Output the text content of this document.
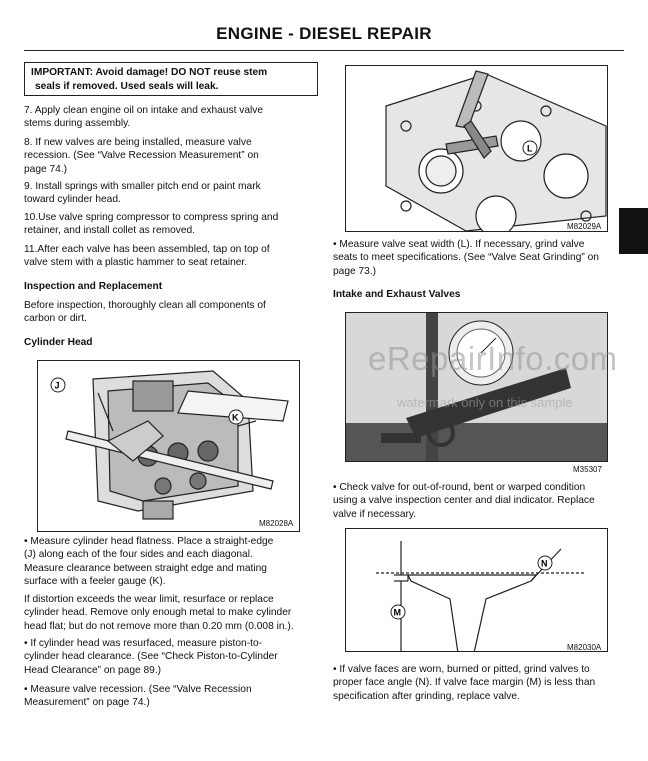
ENGINE - DIESEL REPAIR
IMPORTANT: Avoid damage! DO NOT reuse stem

seals if removed. Used seals will leak.
7. Apply clean engine oil on intake and exhaust valve
stems during assembly.
8. If new valves are being installed, measure valve
recession. (See “Valve Recession Measurement” on
page 74.)
9. Install springs with smaller pitch end or paint mark
toward cylinder head.
10.Use valve spring compressor to compress spring and
retainer, and install collet as removed.
11.After each valve has been assembled, tap on top of
valve stem with a plastic hammer to seat retainer.
Inspection and Replacement
Before inspection, thoroughly clean all components of
carbon or dirt.
Cylinder Head
J
K
M82028A
• Measure cylinder head flatness. Place a straight-edge
(J) along each of the four sides and each diagonal.
Measure clearance between straight edge and mating
surface with a feeler gauge (K).
If distortion exceeds the wear limit, resurface or replace
cylinder head. Remove only enough metal to make cylinder
head flat; but do not remove more than 0.20 mm (0.008 in.).
• If cylinder head was resurfaced, measure piston-to-
cylinder head clearance. (See “Check Piston-to-Cylinder
Head Clearance” on page 89.)
• Measure valve recession. (See “Valve Recession
Measurement” on page 74.)
L
M82029A
• Measure valve seat width (L). If necessary, grind valve
seats to meet specifications. (See “Valve Seat Grinding” on
page 73.)
Intake and Exhaust Valves
M35307
• Check valve for out-of-round, bent or warped condition
using a valve inspection center and dial indicator. Replace
valve if necessary.
M
N
M82030A
• If valve faces are worn, burned or pitted, grind valves to
proper face angle (N). If valve face margin (M) is less than
specification after grinding, replace valve.
eRepairInfo.com
watermark only on this sample
